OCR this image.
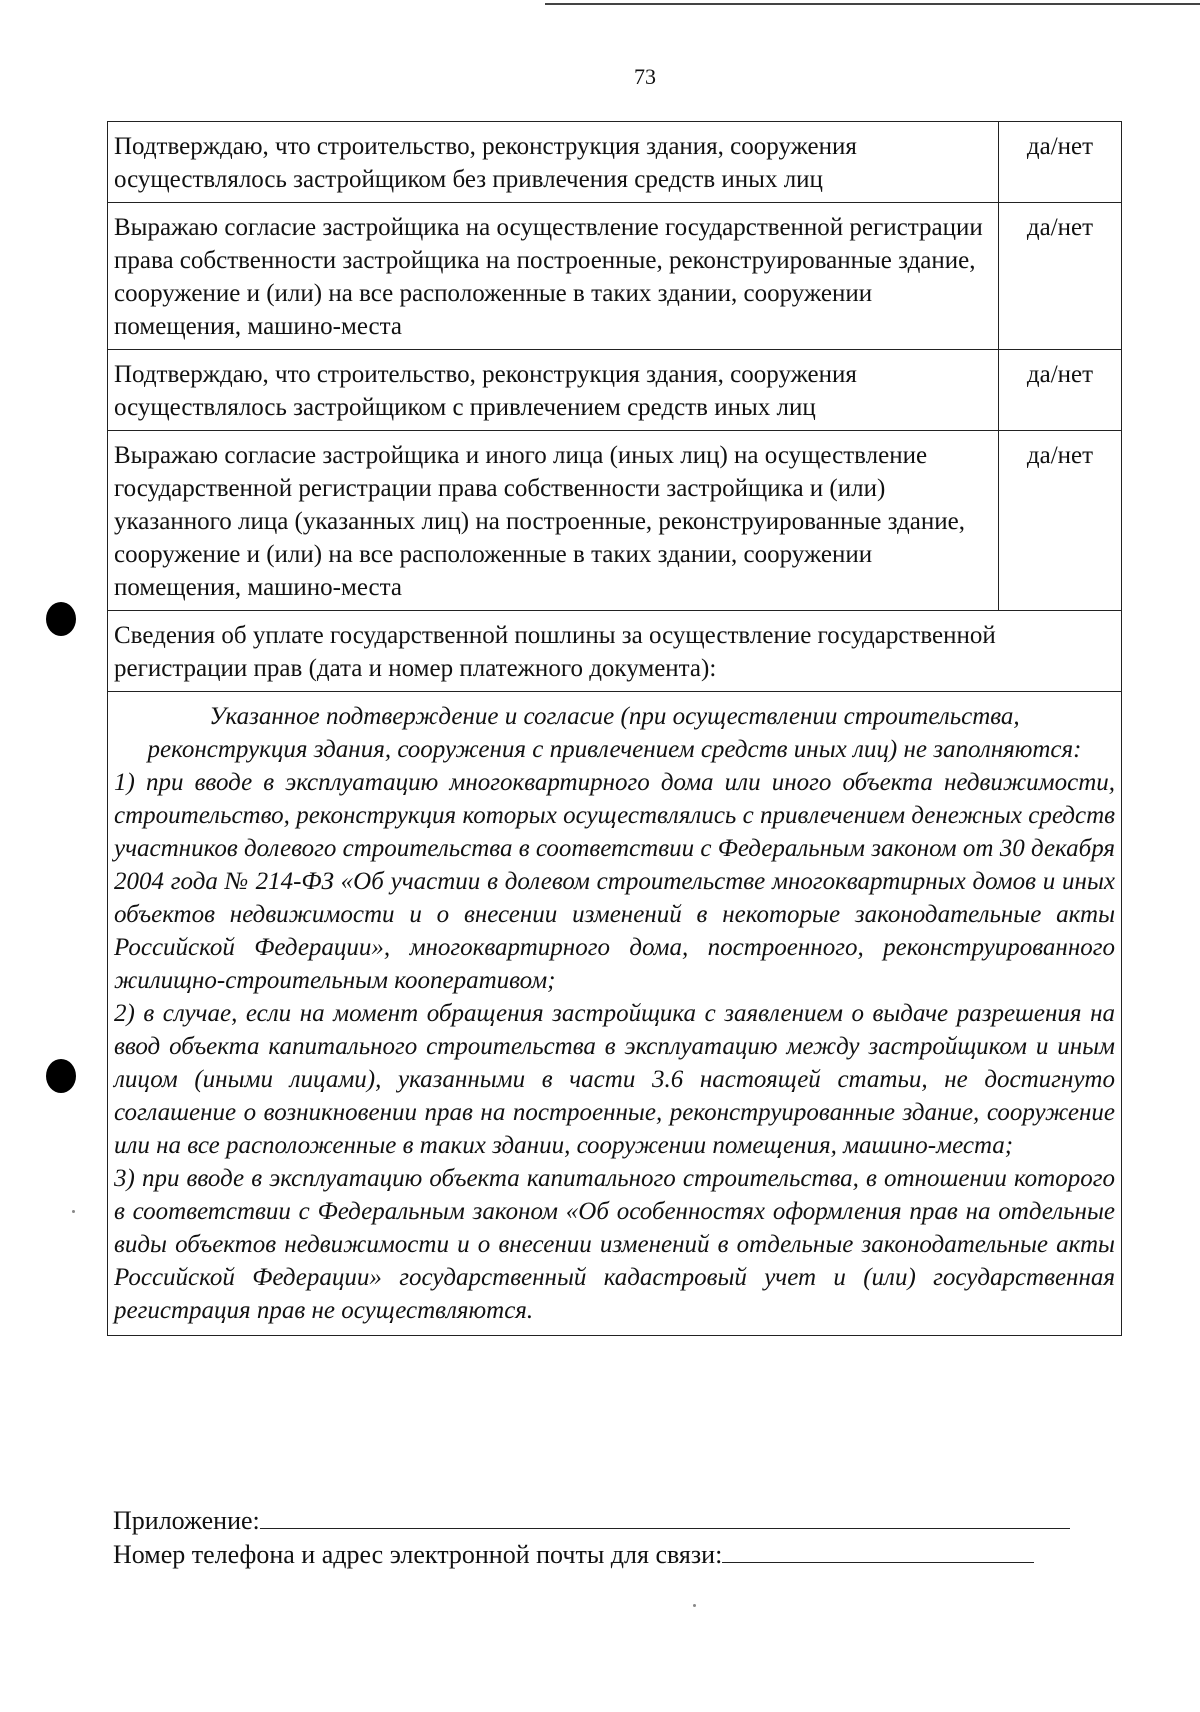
73
Подтверждаю, что строительство, реконструкция здания, сооружения осуществлялось застройщиком без привлечения средств иных лиц	да/нет
Выражаю согласие застройщика на осуществление государственной регистрации права собственности застройщика на построенные, реконструированные здание, сооружение и (или) на все расположенные в таких здании, сооружении помещения, машино-места	да/нет
Подтверждаю, что строительство, реконструкция здания, сооружения осуществлялось застройщиком с привлечением средств иных лиц	да/нет
Выражаю согласие застройщика и иного лица (иных лиц) на осуществление государственной регистрации права собственности застройщика и (или) указанного лица (указанных лиц) на построенные, реконструированные здание, сооружение и (или) на все расположенные в таких здании, сооружении помещения, машино-места	да/нет
Сведения об уплате государственной пошлины за осуществление государственной регистрации прав (дата и номер платежного документа):	

Указанное подтверждение и согласие (при осуществлении строительства, реконструкция здания, сооружения с привлечением средств иных лиц) не заполняются:

1) при вводе в эксплуатацию многоквартирного дома или иного объекта недвижимости, строительство, реконструкция которых осуществлялись с привлечением денежных средств участников долевого строительства в соответствии с Федеральным законом от 30 декабря 2004 года № 214-ФЗ «Об участии в долевом строительстве многоквартирных домов и иных объектов недвижимости и о внесении изменений в некоторые законодательные акты Российской Федерации», многоквартирного дома, построенного, реконструированного жилищно-строительным кооперативом;

2) в случае, если на момент обращения застройщика с заявлением о выдаче разрешения на ввод объекта капитального строительства в эксплуатацию между застройщиком и иным лицом (иными лицами), указанными в части 3.6 настоящей статьи, не достигнуто соглашение о возникновении прав на построенные, реконструированные здание, сооружение или на все расположенные в таких здании, сооружении помещения, машино-места;

3) при вводе в эксплуатацию объекта капитального строительства, в отношении которого в соответствии с Федеральным законом «Об особенностях оформления прав на отдельные виды объектов недвижимости и о внесении изменений в отдельные законодательные акты Российской Федерации» государственный кадастровый учет и (или) государственная регистрация прав не осуществляются.	

Приложение:
Номер телефона и адрес электронной почты для связи:
